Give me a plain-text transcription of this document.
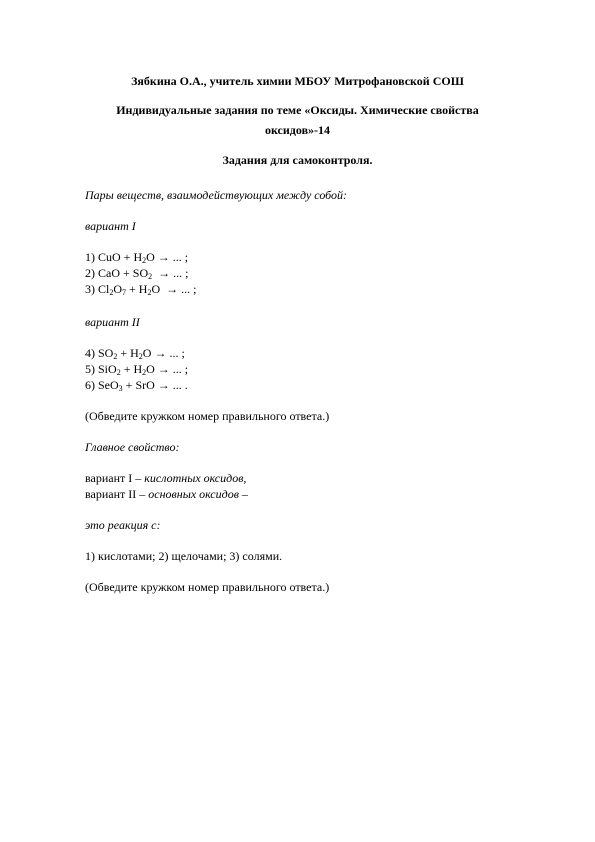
Зябкина О.А., учитель химии МБОУ Митрофановской СОШ
Индивидуальные задания по теме «Оксиды. Химические свойства
оксидов»-14
Задания для самоконтроля.
Пары веществ, взаимодействующих между собой:
вариант I
1) CuO + $H_2O$ → ... ;
2) CaO + $SO_2$  → ... ;
3) $Cl_2O_7 + H_2O$  → ... ;
вариант II
4) $SO_2 + H_2O$ → ... ;
5) $SiO_2 + H_2O$ → ... ;
6) SeO$_3$ + SrO → ... .
(Обведите кружком номер правильного ответа.)
Главное свойство:
вариант I – кислотных оксидов,
вариант II – основных оксидов –
это реакция с:
1) кислотами; 2) щелочами; 3) солями.
(Обведите кружком номер правильного ответа.)
